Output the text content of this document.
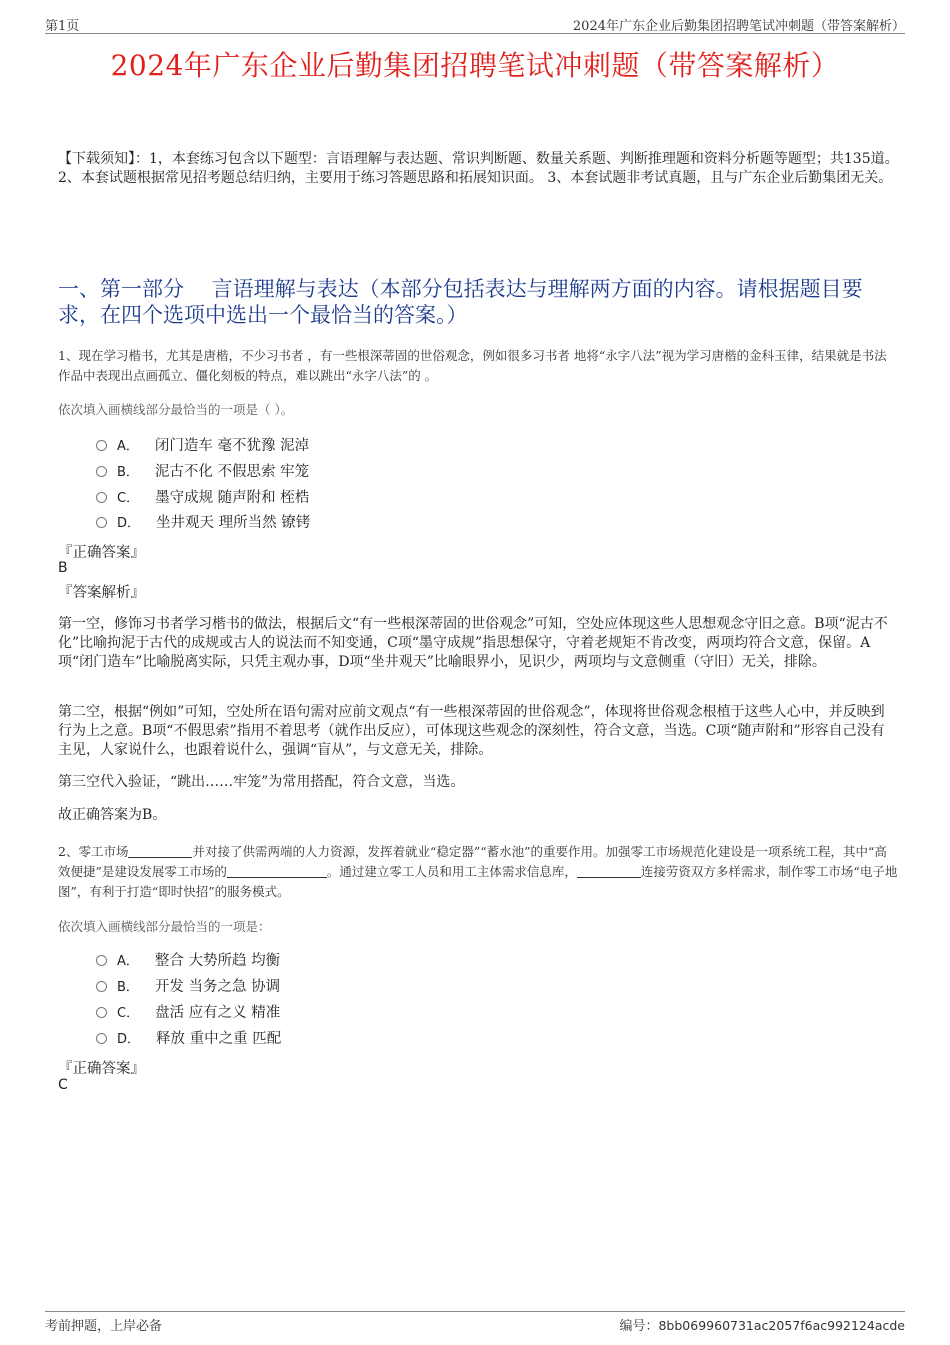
第1页	2024年广东企业后勤集团招聘笔试冲刺题（带答案解析）
2024年广东企业后勤集团招聘笔试冲刺题（带答案解析）
【下载须知】：1，本套练习包含以下题型：言语理解与表达题、常识判断题、数量关系题、判断推理题和资料分析题等题型；共135道。 2、本套试题根据常见招考题总结归纳，主要用于练习答题思路和拓展知识面。 3、本套试题非考试真题，且与广东企业后勤集团无关。
一、第一部分　 言语理解与表达（本部分包括表达与理解两方面的内容。请根据题目要求，在四个选项中选出一个最恰当的答案。）
1、现在学习楷书，尤其是唐楷，不少习书者 ，有一些根深蒂固的世俗观念，例如很多习书者 地将“永字八法”视为学习唐楷的金科玉律，结果就是书法作品中表现出点画孤立、僵化刻板的特点，难以跳出“永字八法”的 。
依次填入画横线部分最恰当的一项是（ ）。
A． 闭门造车 毫不犹豫 泥淖
B． 泥古不化 不假思索 牢笼
C． 墨守成规 随声附和 桎梏
D． 坐井观天 理所当然 镣铐
『正确答案』
B
『答案解析』
第一空，修饰习书者学习楷书的做法，根据后文“有一些根深蒂固的世俗观念”可知，空处应体现这些人思想观念守旧之意。B项“泥古不化”比喻拘泥于古代的成规或古人的说法而不知变通，C项“墨守成规”指思想保守，守着老规矩不肯改变，两项均符合文意，保留。A项“闭门造车”比喻脱离实际，只凭主观办事，D项“坐井观天”比喻眼界小，见识少，两项均与文意侧重（守旧）无关，排除。
第二空，根据“例如”可知，空处所在语句需对应前文观点“有一些根深蒂固的世俗观念”，体现将世俗观念根植于这些人心中，并反映到行为上之意。B项“不假思索”指用不着思考（就作出反应），可体现这些观念的深刻性，符合文意，当选。C项“随声附和”形容自己没有主见，人家说什么，也跟着说什么，强调“盲从”，与文意无关，排除。
第三空代入验证，“跳出……牢笼”为常用搭配，符合文意，当选。
故正确答案为B。
2、零工市场	并对接了供需两端的人力资源，发挥着就业“稳定器”“蓄水池”的重要作用。加强零工市场规范化建设是一项系统工程，其中“高效便捷”是建设发展零工市场的	。通过建立零工人员和用工主体需求信息库，	连接劳资双方多样需求，制作零工市场“电子地图”，有利于打造“即时快招”的服务模式。
依次填入画横线部分最恰当的一项是：
A． 整合 大势所趋 均衡
B． 开发 当务之急 协调
C． 盘活 应有之义 精准
D． 释放 重中之重 匹配
『正确答案』
C
考前押题，上岸必备	编号：8bb069960731ac2057f6ac992124acde
